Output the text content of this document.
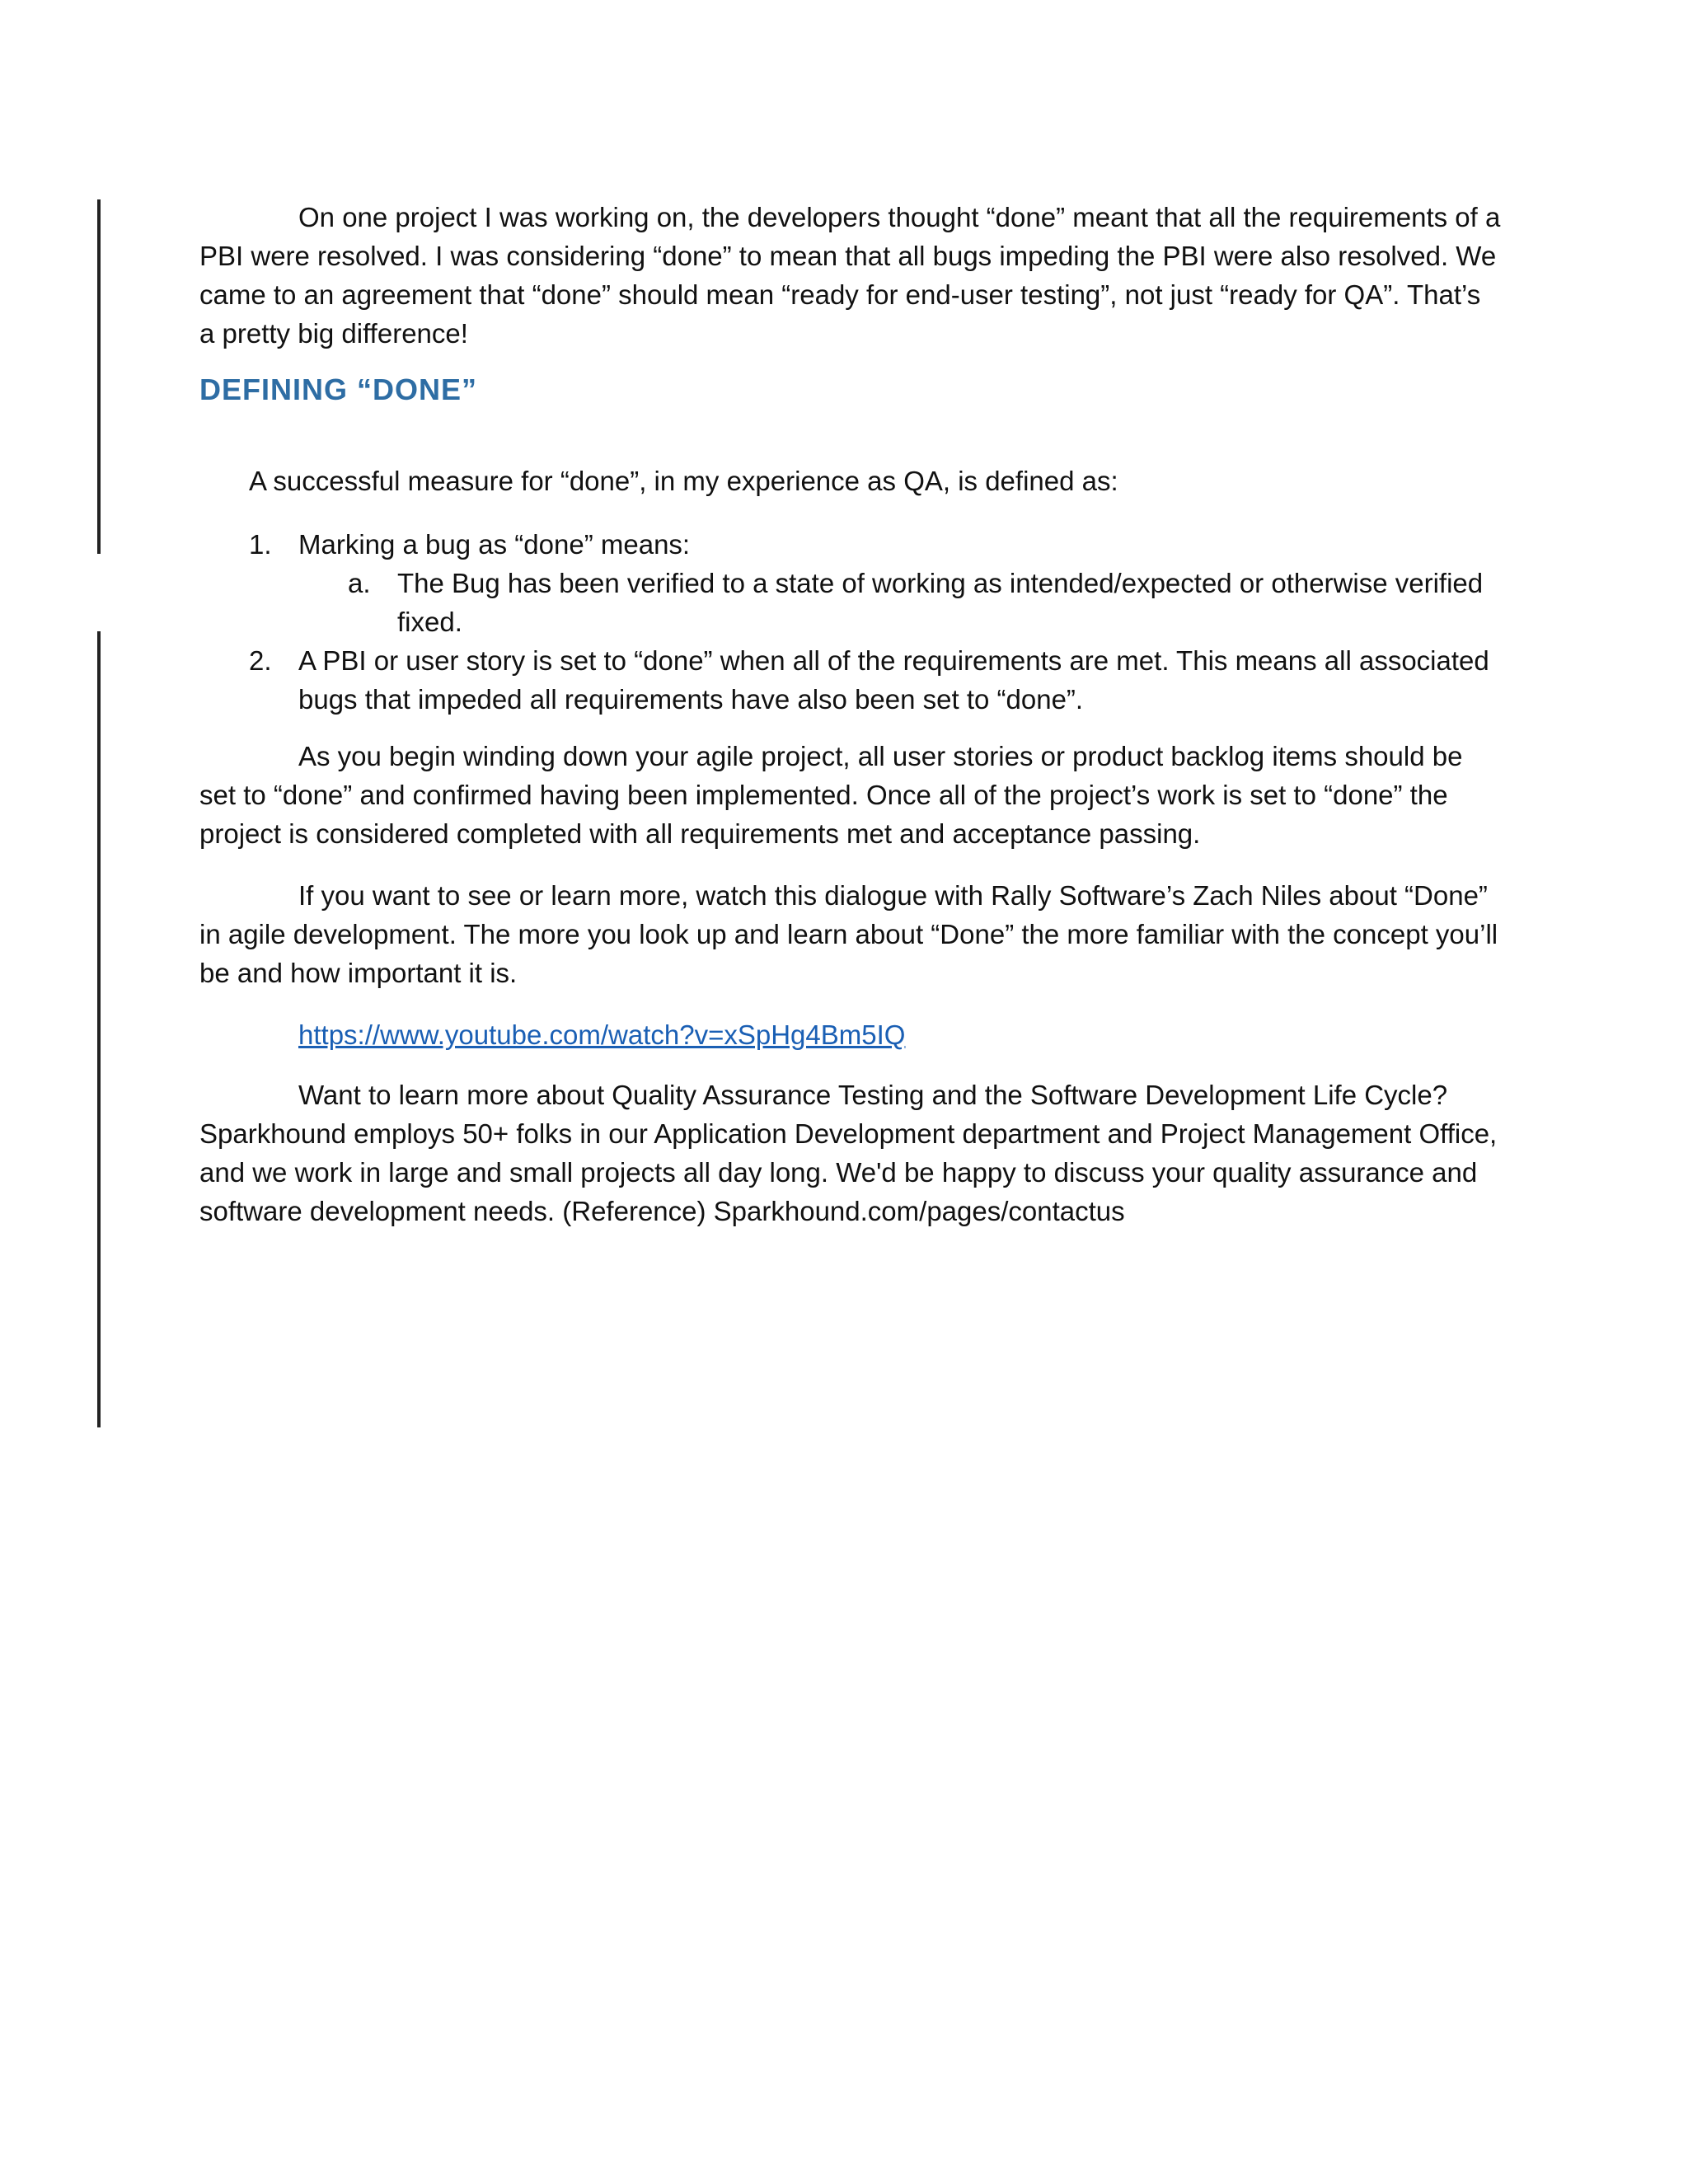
On one project I was working on, the developers thought “done” meant that all the requirements of a PBI were resolved. I was considering “done” to mean that all bugs impeding the PBI were also resolved. We came to an agreement that “done” should mean “ready for end-user testing”, not just “ready for QA”. That’s a pretty big difference!

DEFINING “DONE”

A successful measure for “done”, in my experience as QA, is defined as:

1. Marking a bug as “done” means:
a. The Bug has been verified to a state of working as intended/expected or otherwise verified fixed.
2. A PBI or user story is set to “done” when all of the requirements are met. This means all associated bugs that impeded all requirements have also been set to “done”.

As you begin winding down your agile project, all user stories or product backlog items should be set to “done” and confirmed having been implemented. Once all of the project’s work is set to “done” the project is considered completed with all requirements met and acceptance passing.

If you want to see or learn more, watch this dialogue with Rally Software’s Zach Niles about “Done” in agile development. The more you look up and learn about “Done” the more familiar with the concept you’ll be and how important it is.

https://www.youtube.com/watch?v=xSpHg4Bm5IQ

Want to learn more about Quality Assurance Testing and the Software Development Life Cycle? Sparkhound employs 50+ folks in our Application Development department and Project Management Office, and we work in large and small projects all day long. We'd be happy to discuss your quality assurance and software development needs. (Reference) Sparkhound.com/pages/contactus
